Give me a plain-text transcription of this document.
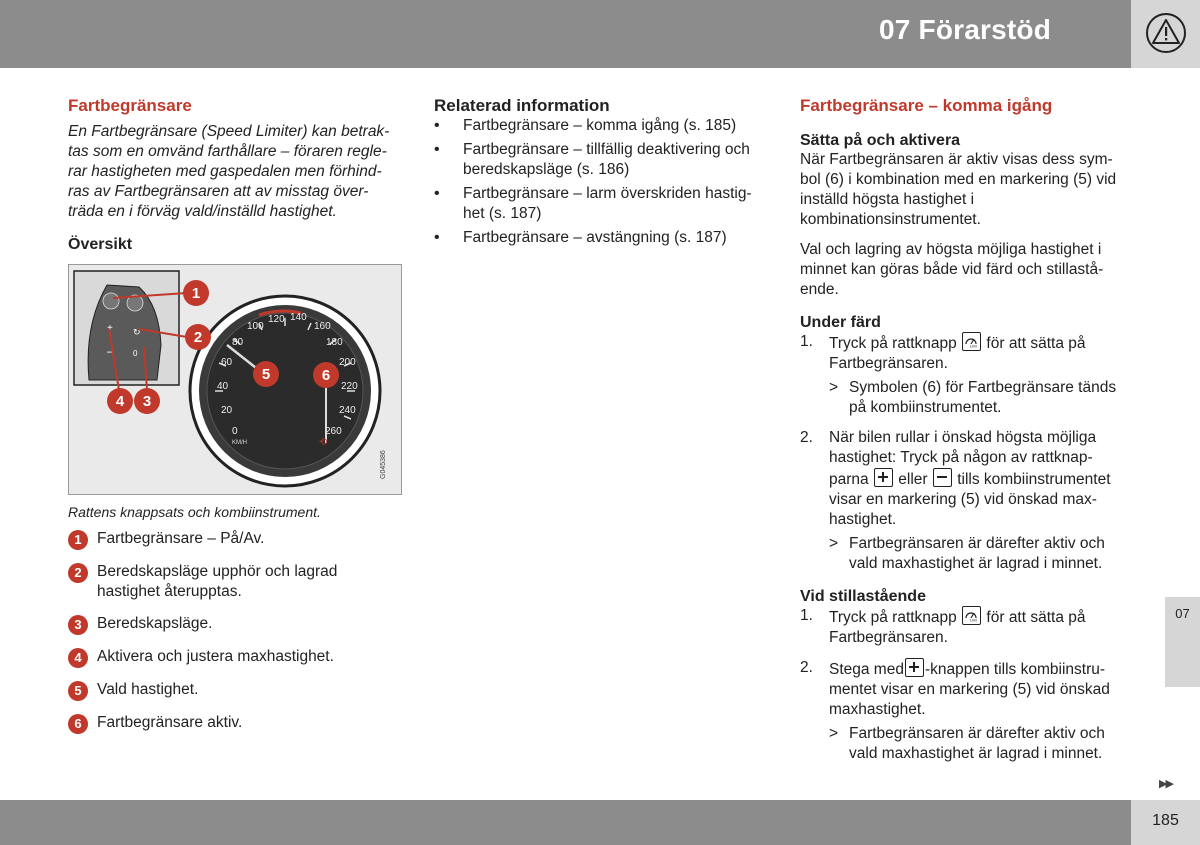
07 Förarstöd
Fartbegränsare
En Fartbegränsare (Speed Limiter) kan betrak-
tas som en omvänd farthållare – föraren regle-
rar hastigheten med gaspedalen men förhind-
ras av Fartbegränsaren att av misstag över-
träda en i förväg vald/inställd hastighet.
Översikt
+
–
↻
0
0
20
40
60
80
100
120 140
160
180
200
220
240
260
KM/H	⟲
G045386
1
2
3
4
5	6
Rattens knappsats och kombiinstrument.
1 Fartbegränsare – På/Av.
2 Beredskapsläge upphör och lagrad
hastighet återupptas.
3 Beredskapsläge.
4 Aktivera och justera maxhastighet.
5 Vald hastighet.
6 Fartbegränsare aktiv.
Relaterad information
• Fartbegränsare – komma igång (s. 185)
• Fartbegränsare – tillfällig deaktivering och
beredskapsläge (s. 186)
• Fartbegränsare – larm överskriden hastig-
het (s. 187)
• Fartbegränsare – avstängning (s. 187)
Fartbegränsare – komma igång
Sätta på och aktivera
När Fartbegränsaren är aktiv visas dess sym-
bol (6) i kombination med en markering (5) vid
inställd högsta hastighet i kombinationsinstrumentet.
Val och lagring av högsta möjliga hastighet i
minnet kan göras både vid färd och stillastå-
ende.
Under färd
1.	Tryck på rattknapp	LIM för att sätta på
Fartbegränsaren.
> Symbolen (6) för Fartbegränsare tänds
på kombiinstrumentet.
2.	När bilen rullar i önskad högsta möjliga
hastighet: Tryck på någon av rattknap-
parna eller tills kombiinstrumentet
visar en markering (5) vid önskad max-
hastighet.
> Fartbegränsaren är därefter aktiv och
vald maxhastighet är lagrad i minnet.
Vid stillastående
1.	Tryck på rattknapp	LIM för att sätta på
Fartbegränsaren.
2.	Stega med -knappen tills kombiinstru-
mentet visar en markering (5) vid önskad
maxhastighet.
> Fartbegränsaren är därefter aktiv och
vald maxhastighet är lagrad i minnet.
07
▶▶
185
